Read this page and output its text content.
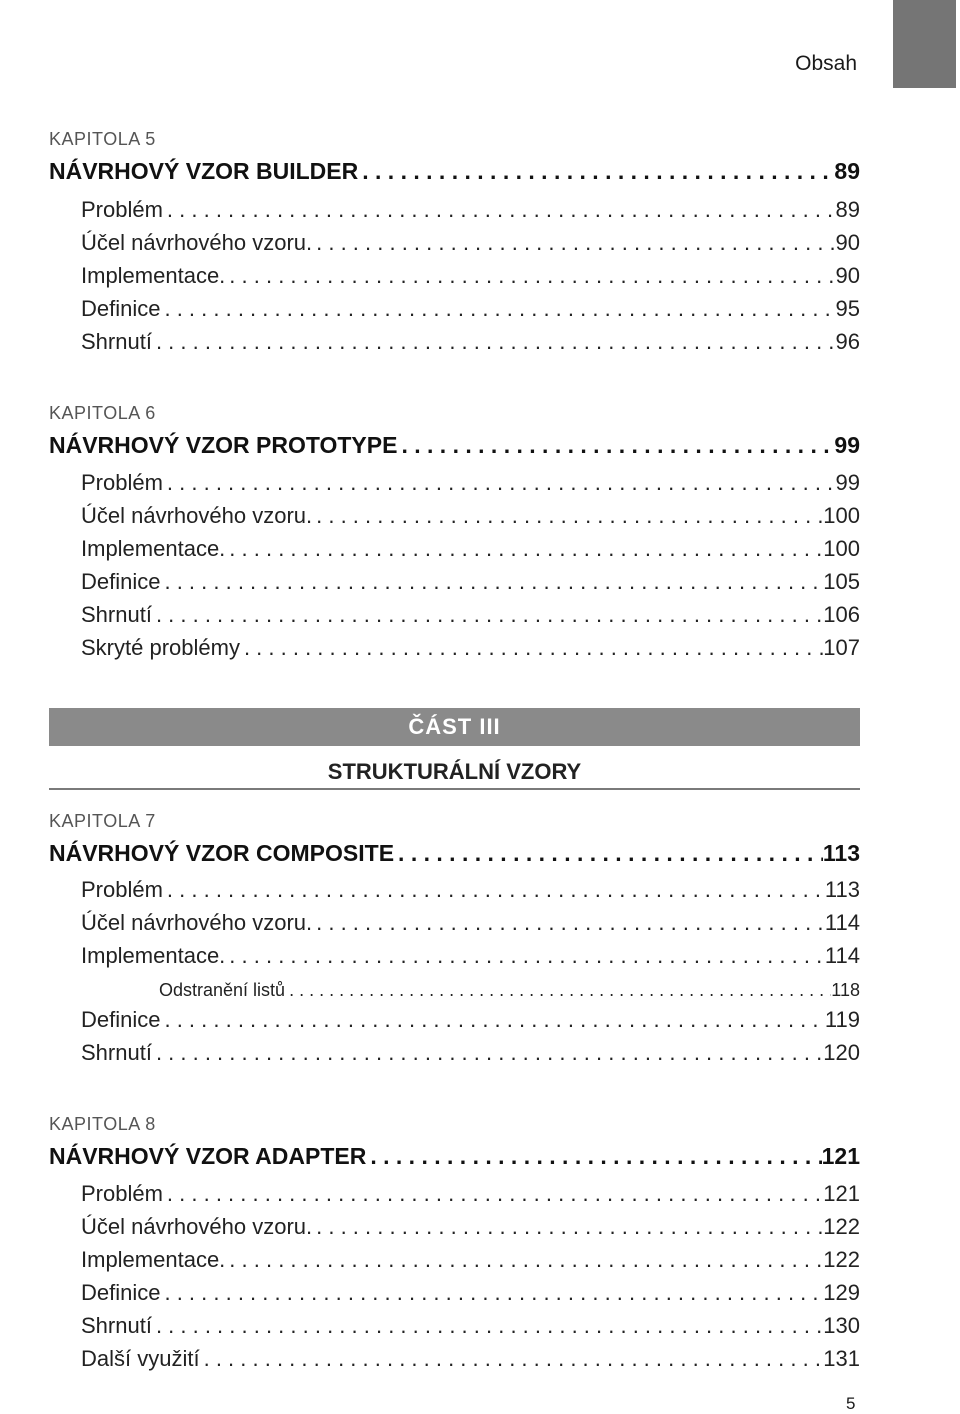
Obsah
KAPITOLA 5
NÁVRHOVÝ VZOR BUILDER . . .	89
Problém . . .	89
Účel návrhového vzoru. . . .	90
Implementace. . . .	90
Definice . . .	95
Shrnutí . . .	96
KAPITOLA 6
NÁVRHOVÝ VZOR PROTOTYPE . . .	99
Problém . . .	99
Účel návrhového vzoru. . . .	100
Implementace. . . .	100
Definice . . .	105
Shrnutí . . .	106
Skryté problémy . . .	107
ČÁST III
STRUKTURÁLNÍ VZORY
KAPITOLA 7
NÁVRHOVÝ VZOR COMPOSITE . . .	113
Problém . . .	113
Účel návrhového vzoru. . . .	114
Implementace. . . .	114
Odstranění listů . . .	118
Definice . . .	119
Shrnutí . . .	120
KAPITOLA 8
NÁVRHOVÝ VZOR ADAPTER . . .	121
Problém . . .	121
Účel návrhového vzoru. . . .	122
Implementace. . . .	122
Definice . . .	129
Shrnutí . . .	130
Další využití . . .	131
5
